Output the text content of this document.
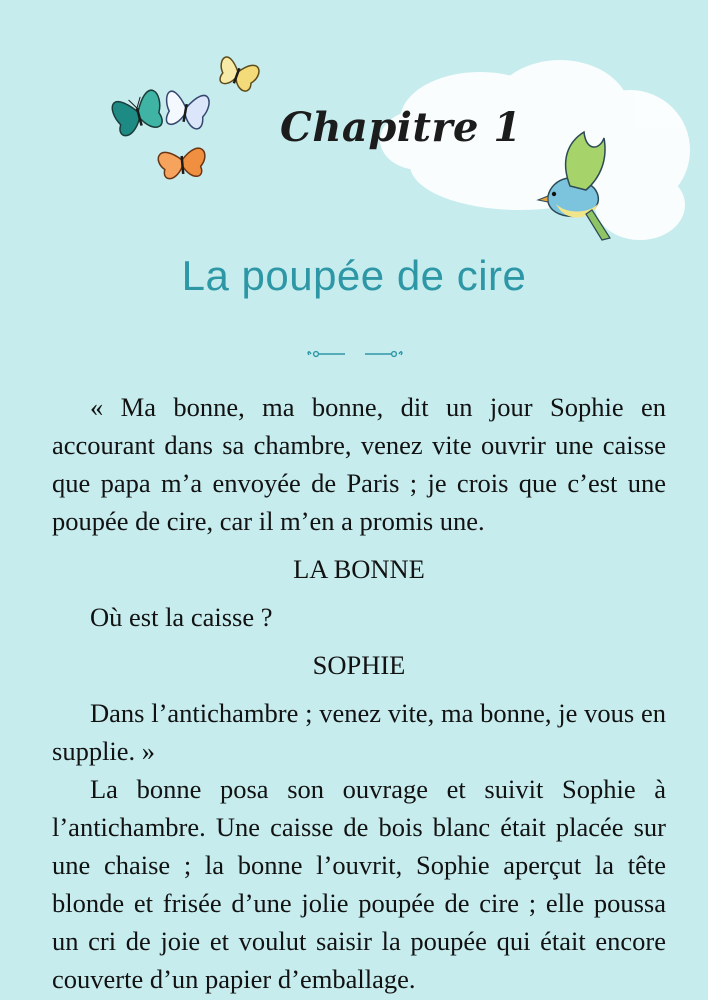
Chapitre 1
La poupée de cire

« Ma bonne, ma bonne, dit un jour Sophie en accourant dans sa chambre, venez vite ouvrir une caisse que papa m’a envoyée de Paris ; je crois que c’est une poupée de cire, car il m’en a promis une.

LA BONNE

Où est la caisse ?

SOPHIE

Dans l’antichambre ; venez vite, ma bonne, je vous en supplie. »

La bonne posa son ouvrage et suivit Sophie à l’antichambre. Une caisse de bois blanc était placée sur une chaise ; la bonne l’ouvrit, Sophie aperçut la tête blonde et frisée d’une jolie poupée de cire ; elle poussa un cri de joie et voulut saisir la poupée qui était encore couverte d’un papier d’emballage.
